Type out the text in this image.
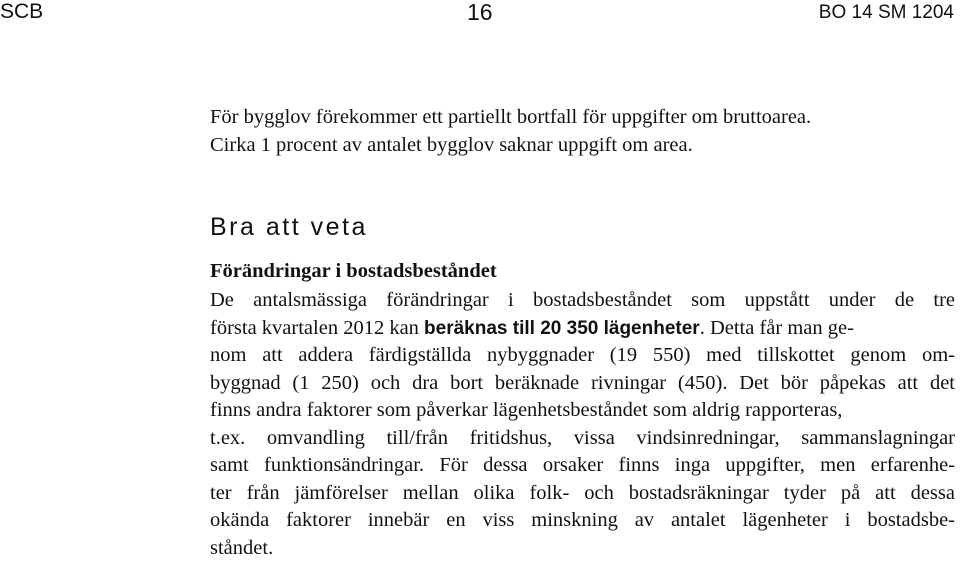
SCB	16	BO 14 SM 1204

För bygglov förekommer ett partiellt bortfall för uppgifter om bruttoarea.

Cirka 1 procent av antalet bygglov saknar uppgift om area.

Bra att veta
Förändringar i bostadsbeståndet
De antalsmässiga förändringar i bostadsbeståndet som uppstått under de tre
första kvartalen 2012 kan beräknas till 20 350 lägenheter. Detta får man ge-
nom att addera färdigställda nybyggnader (19 550) med tillskottet genom om-
byggnad (1 250) och dra bort beräknade rivningar (450). Det bör påpekas att det
finns andra faktorer som påverkar lägenhetsbeståndet som aldrig rapporteras,
t.ex. omvandling till/från fritidshus, vissa vindsinredningar, sammanslagningar
samt funktionsändringar. För dessa orsaker finns inga uppgifter, men erfarenhe-
ter från jämförelser mellan olika folk- och bostadsräkningar tyder på att dessa
okända faktorer innebär en viss minskning av antalet lägenheter i bostadsbe-
ståndet.
